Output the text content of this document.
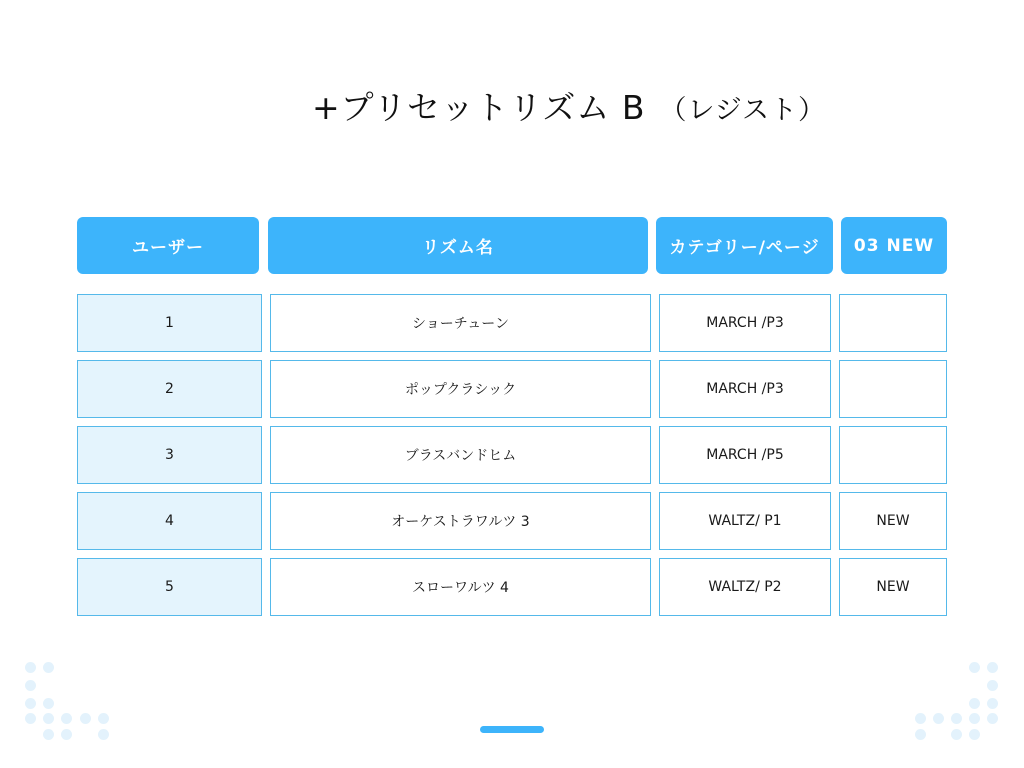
+プリセットリズム B （レジスト）
ユーザー	リズム名	カテゴリー/ページ	03 NEW
1	ショーチューン	MARCH /P3
2	ポップクラシック	MARCH /P3
3	ブラスバンドヒム	MARCH /P5
4	オーケストラワルツ 3	WALTZ/ P1	NEW
5	スローワルツ 4	WALTZ/ P2	NEW
